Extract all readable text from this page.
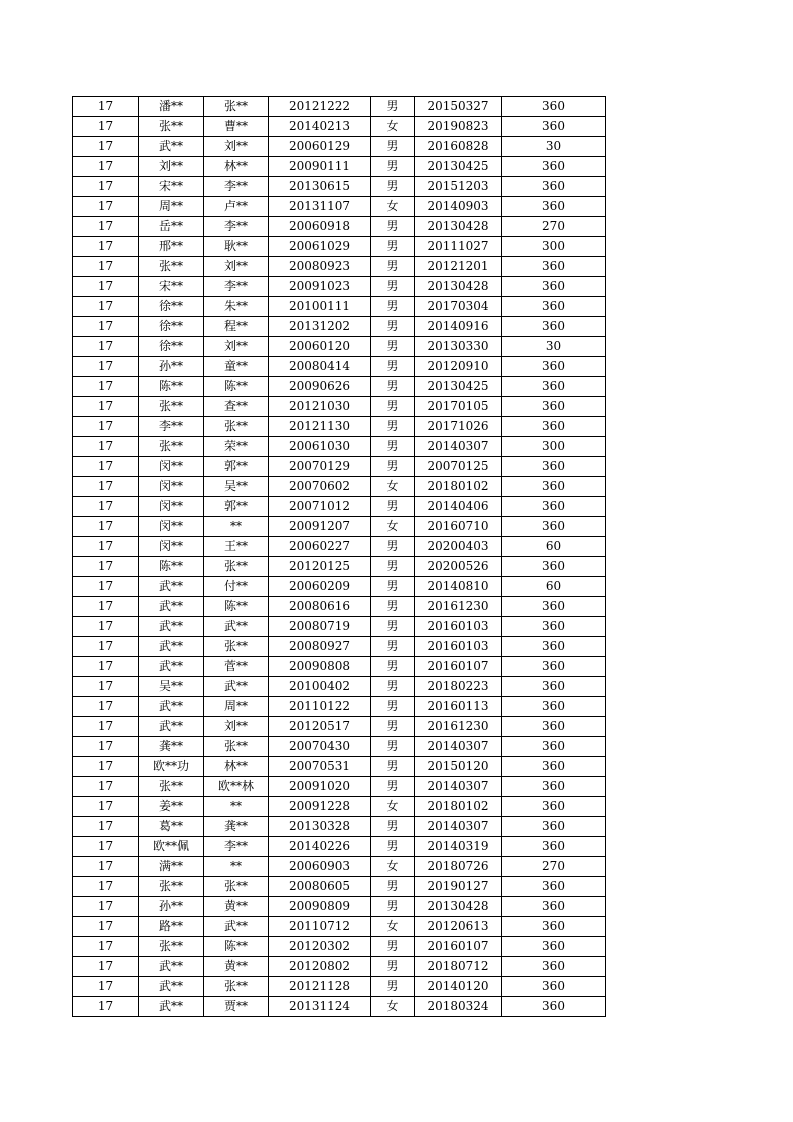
17	潘**	张**	20121222	男	20150327	360
17	张**	曹**	20140213	女	20190823	360
17	武**	刘**	20060129	男	20160828	30
17	刘**	林**	20090111	男	20130425	360
17	宋**	李**	20130615	男	20151203	360
17	周**	卢**	20131107	女	20140903	360
17	岳**	李**	20060918	男	20130428	270
17	邢**	耿**	20061029	男	20111027	300
17	张**	刘**	20080923	男	20121201	360
17	宋**	李**	20091023	男	20130428	360
17	徐**	朱**	20100111	男	20170304	360
17	徐**	程**	20131202	男	20140916	360
17	徐**	刘**	20060120	男	20130330	30
17	孙**	童**	20080414	男	20120910	360
17	陈**	陈**	20090626	男	20130425	360
17	张**	查**	20121030	男	20170105	360
17	李**	张**	20121130	男	20171026	360
17	张**	荣**	20061030	男	20140307	300
17	闵**	郭**	20070129	男	20070125	360
17	闵**	吴**	20070602	女	20180102	360
17	闵**	郭**	20071012	男	20140406	360
17	闵**	**	20091207	女	20160710	360
17	闵**	王**	20060227	男	20200403	60
17	陈**	张**	20120125	男	20200526	360
17	武**	付**	20060209	男	20140810	60
17	武**	陈**	20080616	男	20161230	360
17	武**	武**	20080719	男	20160103	360
17	武**	张**	20080927	男	20160103	360
17	武**	菅**	20090808	男	20160107	360
17	吴**	武**	20100402	男	20180223	360
17	武**	周**	20110122	男	20160113	360
17	武**	刘**	20120517	男	20161230	360
17	龚**	张**	20070430	男	20140307	360
17	欧**功	林**	20070531	男	20150120	360
17	张**	欧**林	20091020	男	20140307	360
17	姜**	**	20091228	女	20180102	360
17	葛**	龚**	20130328	男	20140307	360
17	欧**佩	李**	20140226	男	20140319	360
17	满**	**	20060903	女	20180726	270
17	张**	张**	20080605	男	20190127	360
17	孙**	黄**	20090809	男	20130428	360
17	路**	武**	20110712	女	20120613	360
17	张**	陈**	20120302	男	20160107	360
17	武**	黄**	20120802	男	20180712	360
17	武**	张**	20121128	男	20140120	360
17	武**	贾**	20131124	女	20180324	360
